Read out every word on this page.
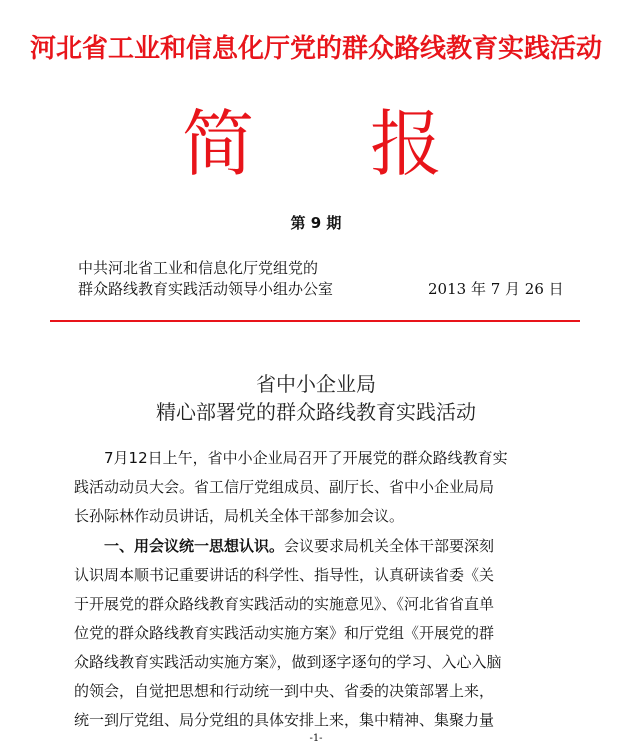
河北省工业和信息化厅党的群众路线教育实践活动
简 报
第 9 期
中共河北省工业和信息化厅党组党的
群众路线教育实践活动领导小组办公室	2013 年 7 月 26 日
省中小企业局
精心部署党的群众路线教育实践活动
7月12日上午，省中小企业局召开了开展党的群众路线教育实
践活动动员大会。省工信厅党组成员、副厅长、省中小企业局局
长孙际林作动员讲话，局机关全体干部参加会议。
一、用会议统一思想认识。会议要求局机关全体干部要深刻
认识周本顺书记重要讲话的科学性、指导性，认真研读省委《关
于开展党的群众路线教育实践活动的实施意见》、《河北省省直单
位党的群众路线教育实践活动实施方案》和厅党组《开展党的群
众路线教育实践活动实施方案》，做到逐字逐句的学习、入心入脑
的领会，自觉把思想和行动统一到中央、省委的决策部署上来，
统一到厅党组、局分党组的具体安排上来，集中精神、集聚力量
-1-
